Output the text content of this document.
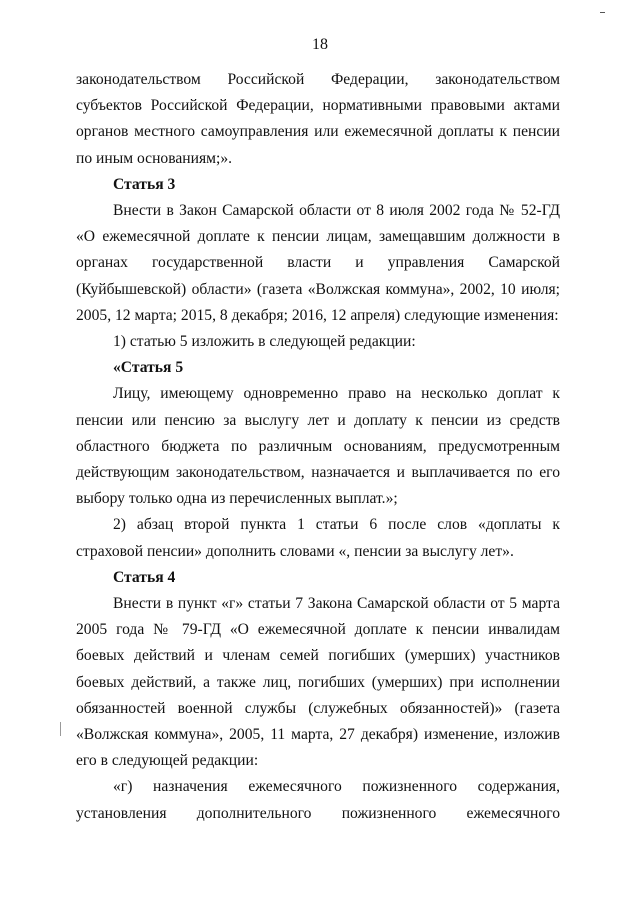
18

законодательством Российской Федерации, законодательством субъектов Российской Федерации, нормативными правовыми актами органов местного самоуправления или ежемесячной доплаты к пенсии по иным основаниям;».

Статья 3

Внести в Закон Самарской области от 8 июля 2002 года № 52-ГД «О ежемесячной доплате к пенсии лицам, замещавшим должности в органах государственной власти и управления Самарской (Куйбышевской) области» (газета «Волжская коммуна», 2002, 10 июля; 2005, 12 марта; 2015, 8 декабря; 2016, 12 апреля) следующие изменения:

1) статью 5 изложить в следующей редакции:

«Статья 5

Лицу, имеющему одновременно право на несколько доплат к пенсии или пенсию за выслугу лет и доплату к пенсии из средств областного бюджета по различным основаниям, предусмотренным действующим законодательством, назначается и выплачивается по его выбору только одна из перечисленных выплат.»;

2) абзац второй пункта 1 статьи 6 после слов «доплаты к страховой пенсии» дополнить словами «, пенсии за выслугу лет».

Статья 4

Внести в пункт «г» статьи 7 Закона Самарской области от 5 марта 2005 года № 79-ГД «О ежемесячной доплате к пенсии инвалидам боевых действий и членам семей погибших (умерших) участников боевых действий, а также лиц, погибших (умерших) при исполнении обязанностей военной службы (служебных обязанностей)» (газета «Волжская коммуна», 2005, 11 марта, 27 декабря) изменение, изложив его в следующей редакции:

«г) назначения ежемесячного пожизненного содержания, установления дополнительного пожизненного ежемесячного
